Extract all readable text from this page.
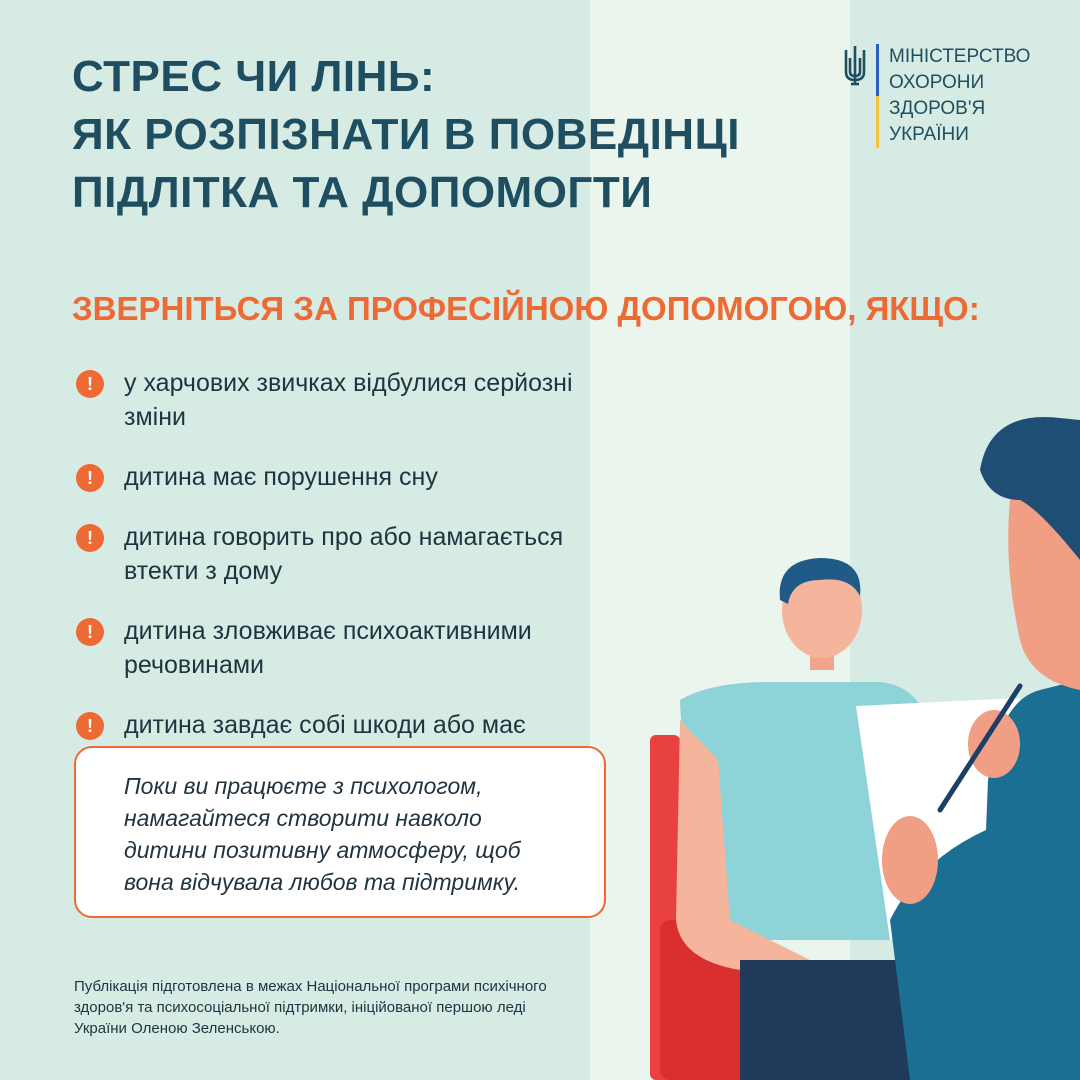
СТРЕС ЧИ ЛІНЬ:
ЯК РОЗПІЗНАТИ В ПОВЕДІНЦІ
ПІДЛІТКА ТА ДОПОМОГТИ
МІНІСТЕРСТВО
ОХОРОНИ
ЗДОРОВ'Я
УКРАЇНИ
ЗВЕРНІТЬСЯ ЗА ПРОФЕСІЙНОЮ ДОПОМОГОЮ, ЯКЩО:
!	у харчових звичках відбулися серйозні зміни
!	дитина має порушення сну
!	дитина говорить про або намагається втекти з дому
!	дитина зловживає психоактивними речовинами
!	дитина завдає собі шкоди або має
Поки ви працюєте з психологом, намагайтеся створити навколо дитини позитивну атмосферу, щоб вона відчувала любов та підтримку.
Публікація підготовлена в межах Національної програми психічного здоров'я та психосоціальної підтримки, ініційованої першою леді України Оленою Зеленською.
